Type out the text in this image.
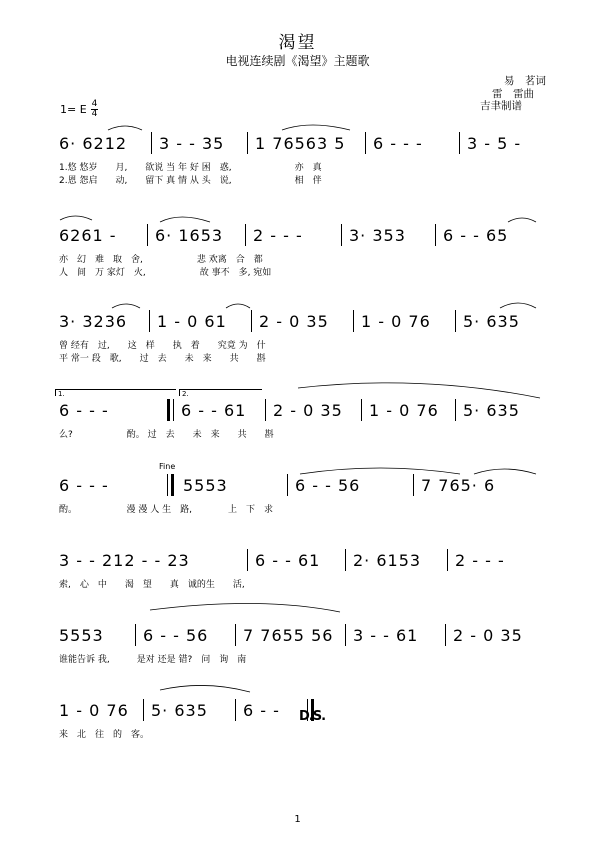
渴望
电视连续剧《渴望》主题歌
易　茗词
雷　雷曲
吉聿制谱
1= E $\frac{4}{4}$
6· 6212	3 - - 35	1 76563 5	6 - - -	3 - 5 -
1.悠 悠岁　　月,　　欲说 当 年 好 困　惑,　　　　　　　亦　真
2.恩 怨启　　动,　　留下 真 情 从 头　说,　　　　　　　相　伴
6261 -	6· 1653	2 - - -	3· 353	6 - - 65
亦　幻　难　取　舍,　　　　　　悲 欢离　合　都
人　间　万 家灯　火,　　　　　　故 事不　多, 宛如
3· 3236	1 - 0 61	2 - 0 35	1 - 0 76	5· 635
曾 经有　过,　　这　样　　执　着　　究竟 为　什
平 常一 段　歌,　　过　去　　未　来　　共　　斟
1.	2.
6 - - -	6 - - 61	2 - 0 35	1 - 0 76	5· 635
么?　　　　　　酌。 过　去　　未　来　　共　　斟
Fine
6 - - -	5553	6 - - 56	7 765· 6
酌。　　　　　　漫 漫 人 生　路,　　　　上　下　求
3 - - 212 - - 23	6 - - 61	2· 6153	2 - - -
索,　心　中　　渴　望　　真　诚的生　　活,
5553	6 - - 56	7 7655 56	3 - - 61	2 - 0 35
谁能告诉 我,　　　是对 还是 错?　问　询　南
1 - 0 76	5· 635	6 - -	D.S.
来　北　往　的　客。
1
